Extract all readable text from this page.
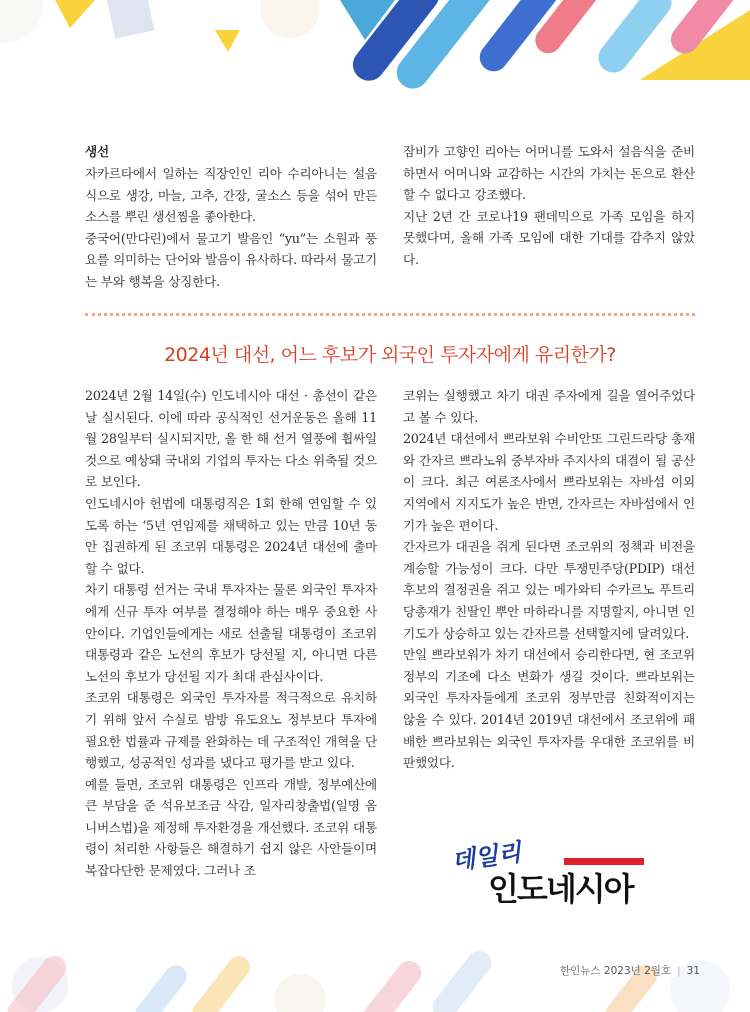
생선

자카르타에서 일하는 직장인인 리아 수리아니는 설음식으로 생강, 마늘, 고추, 간장, 굴소스 등을 섞어 만든 소스를 뿌린 생선찜을 좋아한다.

중국어(만다린)에서 물고기 발음인 “yu”는 소원과 풍요를 의미하는 단어와 발음이 유사하다. 따라서 물고기는 부와 행복을 상징한다.

잠비가 고향인 리아는 어머니를 도와서 설음식을 준비하면서 어머니와 교감하는 시간의 가치는 돈으로 환산할 수 없다고 강조했다.

지난 2년 간 코로나19 팬데믹으로 가족 모임을 하지 못했다며, 올해 가족 모임에 대한 기대를 감추지 않았다.

2024년 대선, 어느 후보가 외국인 투자자에게 유리한가?

2024년 2월 14일(수) 인도네시아 대선 · 총선이 같은 날 실시된다. 이에 따라 공식적인 선거운동은 올해 11월 28일부터 실시되지만, 올 한 해 선거 열풍에 휩싸일 것으로 예상돼 국내외 기업의 투자는 다소 위축될 것으로 보인다.

인도네시아 헌법에 대통령직은 1회 한해 연임할 수 있도록 하는 ‘5년 연임제를 채택하고 있는 만큼 10년 동안 집권하게 된 조코위 대통령은 2024년 대선에 출마할 수 없다.

차기 대통령 선거는 국내 투자자는 물론 외국인 투자자에게 신규 투자 여부를 결정해야 하는 매우 중요한 사안이다. 기업인들에게는 새로 선출될 대통령이 조코위 대통령과 같은 노선의 후보가 당선될 지, 아니면 다른 노선의 후보가 당선될 지가 최대 관심사이다.

조코위 대통령은 외국인 투자자를 적극적으로 유치하기 위해 앞서 수실로 밤방 유도요노 정부보다 투자에 필요한 법률과 규제를 완화하는 데 구조적인 개혁을 단행했고, 성공적인 성과를 냈다고 평가를 받고 있다.

예를 들면, 조코위 대통령은 인프라 개발, 정부예산에 큰 부담을 준 석유보조금 삭감, 일자리창출법(일명 옴니버스법)을 제정해 투자환경을 개선했다. 조코위 대통령이 처리한 사항들은 해결하기 쉽지 않은 사안들이며 복잡다단한 문제였다. 그러나 조

코위는 실행했고 차기 대권 주자에게 길을 열어주었다고 볼 수 있다.

2024년 대선에서 쁘라보워 수비안또 그린드라당 총재와 간자르 쁘라노워 중부자바 주지사의 대결이 될 공산이 크다. 최근 여론조사에서 쁘라보워는 자바섬 이외 지역에서 지지도가 높은 반면, 간자르는 자바섬에서 인기가 높은 편이다.

간자르가 대권을 쥐게 된다면 조코위의 정책과 비전을 계승할 가능성이 크다. 다만 투쟁민주당(PDIP) 대선 후보의 결정권을 쥐고 있는 메가와티 수카르노 푸트리 당총재가 친딸인 뿌안 마하라니를 지명할지, 아니면 인기도가 상승하고 있는 간자르를 선택할지에 달려있다.

만일 쁘라보워가 차기 대선에서 승리한다면, 현 조코위 정부의 기조에 다소 변화가 생길 것이다. 쁘라보워는 외국인 투자자들에게 조코위 정부만큼 친화적이지는 않을 수 있다. 2014년 2019년 대선에서 조코위에 패배한 쁘라보워는 외국인 투자자를 우대한 조코위를 비판했었다.

데일리
인도네시아
한인뉴스 2023년 2월호 | 31
